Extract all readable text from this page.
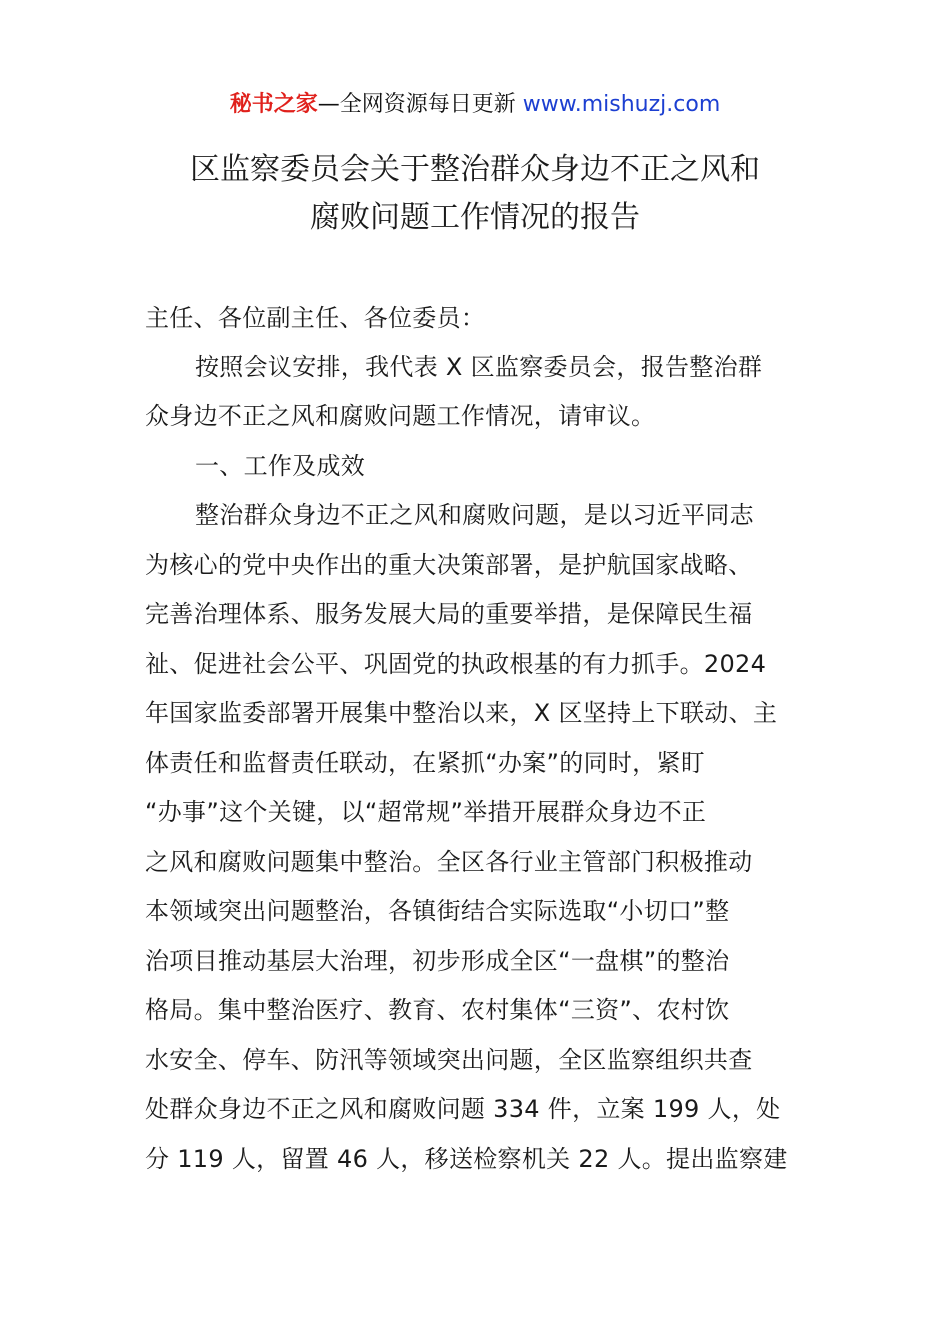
秘书之家—全网资源每日更新 www.mishuzj.com
区监察委员会关于整治群众身边不正之风和
腐败问题工作情况的报告
主任、各位副主任、各位委员：
按照会议安排，我代表 X 区监察委员会，报告整治群
众身边不正之风和腐败问题工作情况，请审议。
一、工作及成效
整治群众身边不正之风和腐败问题，是以习近平同志
为核心的党中央作出的重大决策部署，是护航国家战略、
完善治理体系、服务发展大局的重要举措，是保障民生福
祉、促进社会公平、巩固党的执政根基的有力抓手。2024
年国家监委部署开展集中整治以来，X 区坚持上下联动、主
体责任和监督责任联动，在紧抓“办案”的同时，紧盯
“办事”这个关键，以“超常规”举措开展群众身边不正
之风和腐败问题集中整治。全区各行业主管部门积极推动
本领域突出问题整治，各镇街结合实际选取“小切口”整
治项目推动基层大治理，初步形成全区“一盘棋”的整治
格局。集中整治医疗、教育、农村集体“三资”、农村饮
水安全、停车、防汛等领域突出问题，全区监察组织共查
处群众身边不正之风和腐败问题 334 件，立案 199 人，处
分 119 人，留置 46 人，移送检察机关 22 人。提出监察建
